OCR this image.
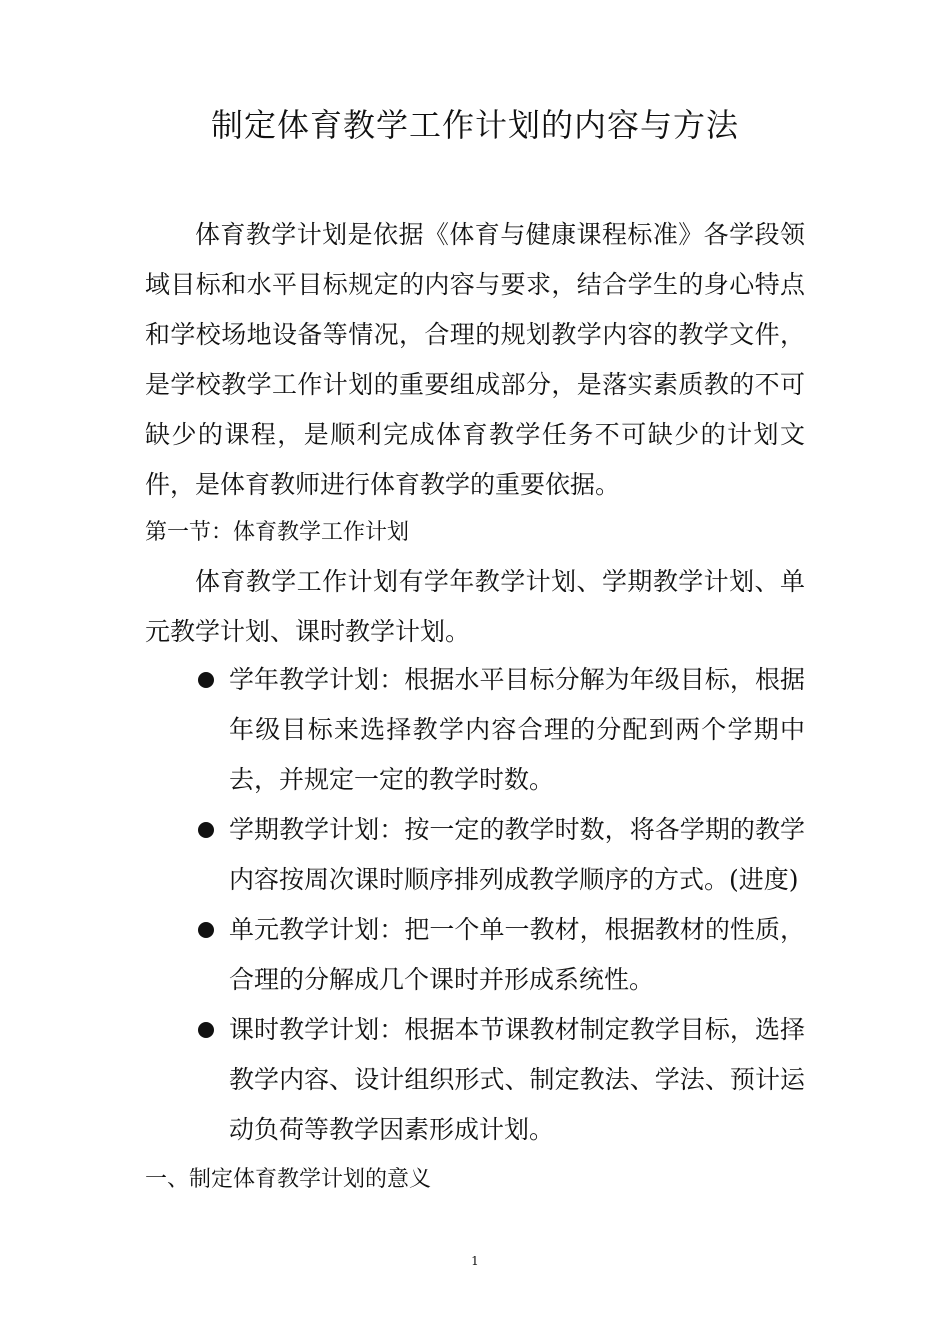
制定体育教学工作计划的内容与方法

体育教学计划是依据《体育与健康课程标准》各学段领域目标和水平目标规定的内容与要求，结合学生的身心特点和学校场地设备等情况，合理的规划教学内容的教学文件，是学校教学工作计划的重要组成部分，是落实素质教的不可缺少的课程，是顺利完成体育教学任务不可缺少的计划文件，是体育教师进行体育教学的重要依据。

第一节：体育教学工作计划

体育教学工作计划有学年教学计划、学期教学计划、单元教学计划、课时教学计划。

学年教学计划：根据水平目标分解为年级目标，根据年级目标来选择教学内容合理的分配到两个学期中去，并规定一定的教学时数。
学期教学计划：按一定的教学时数，将各学期的教学内容按周次课时顺序排列成教学顺序的方式。(进度)
单元教学计划：把一个单一教材，根据教材的性质，合理的分解成几个课时并形成系统性。
课时教学计划：根据本节课教材制定教学目标，选择教学内容、设计组织形式、制定教法、学法、预计运动负荷等教学因素形成计划。

一、制定体育教学计划的意义

1
